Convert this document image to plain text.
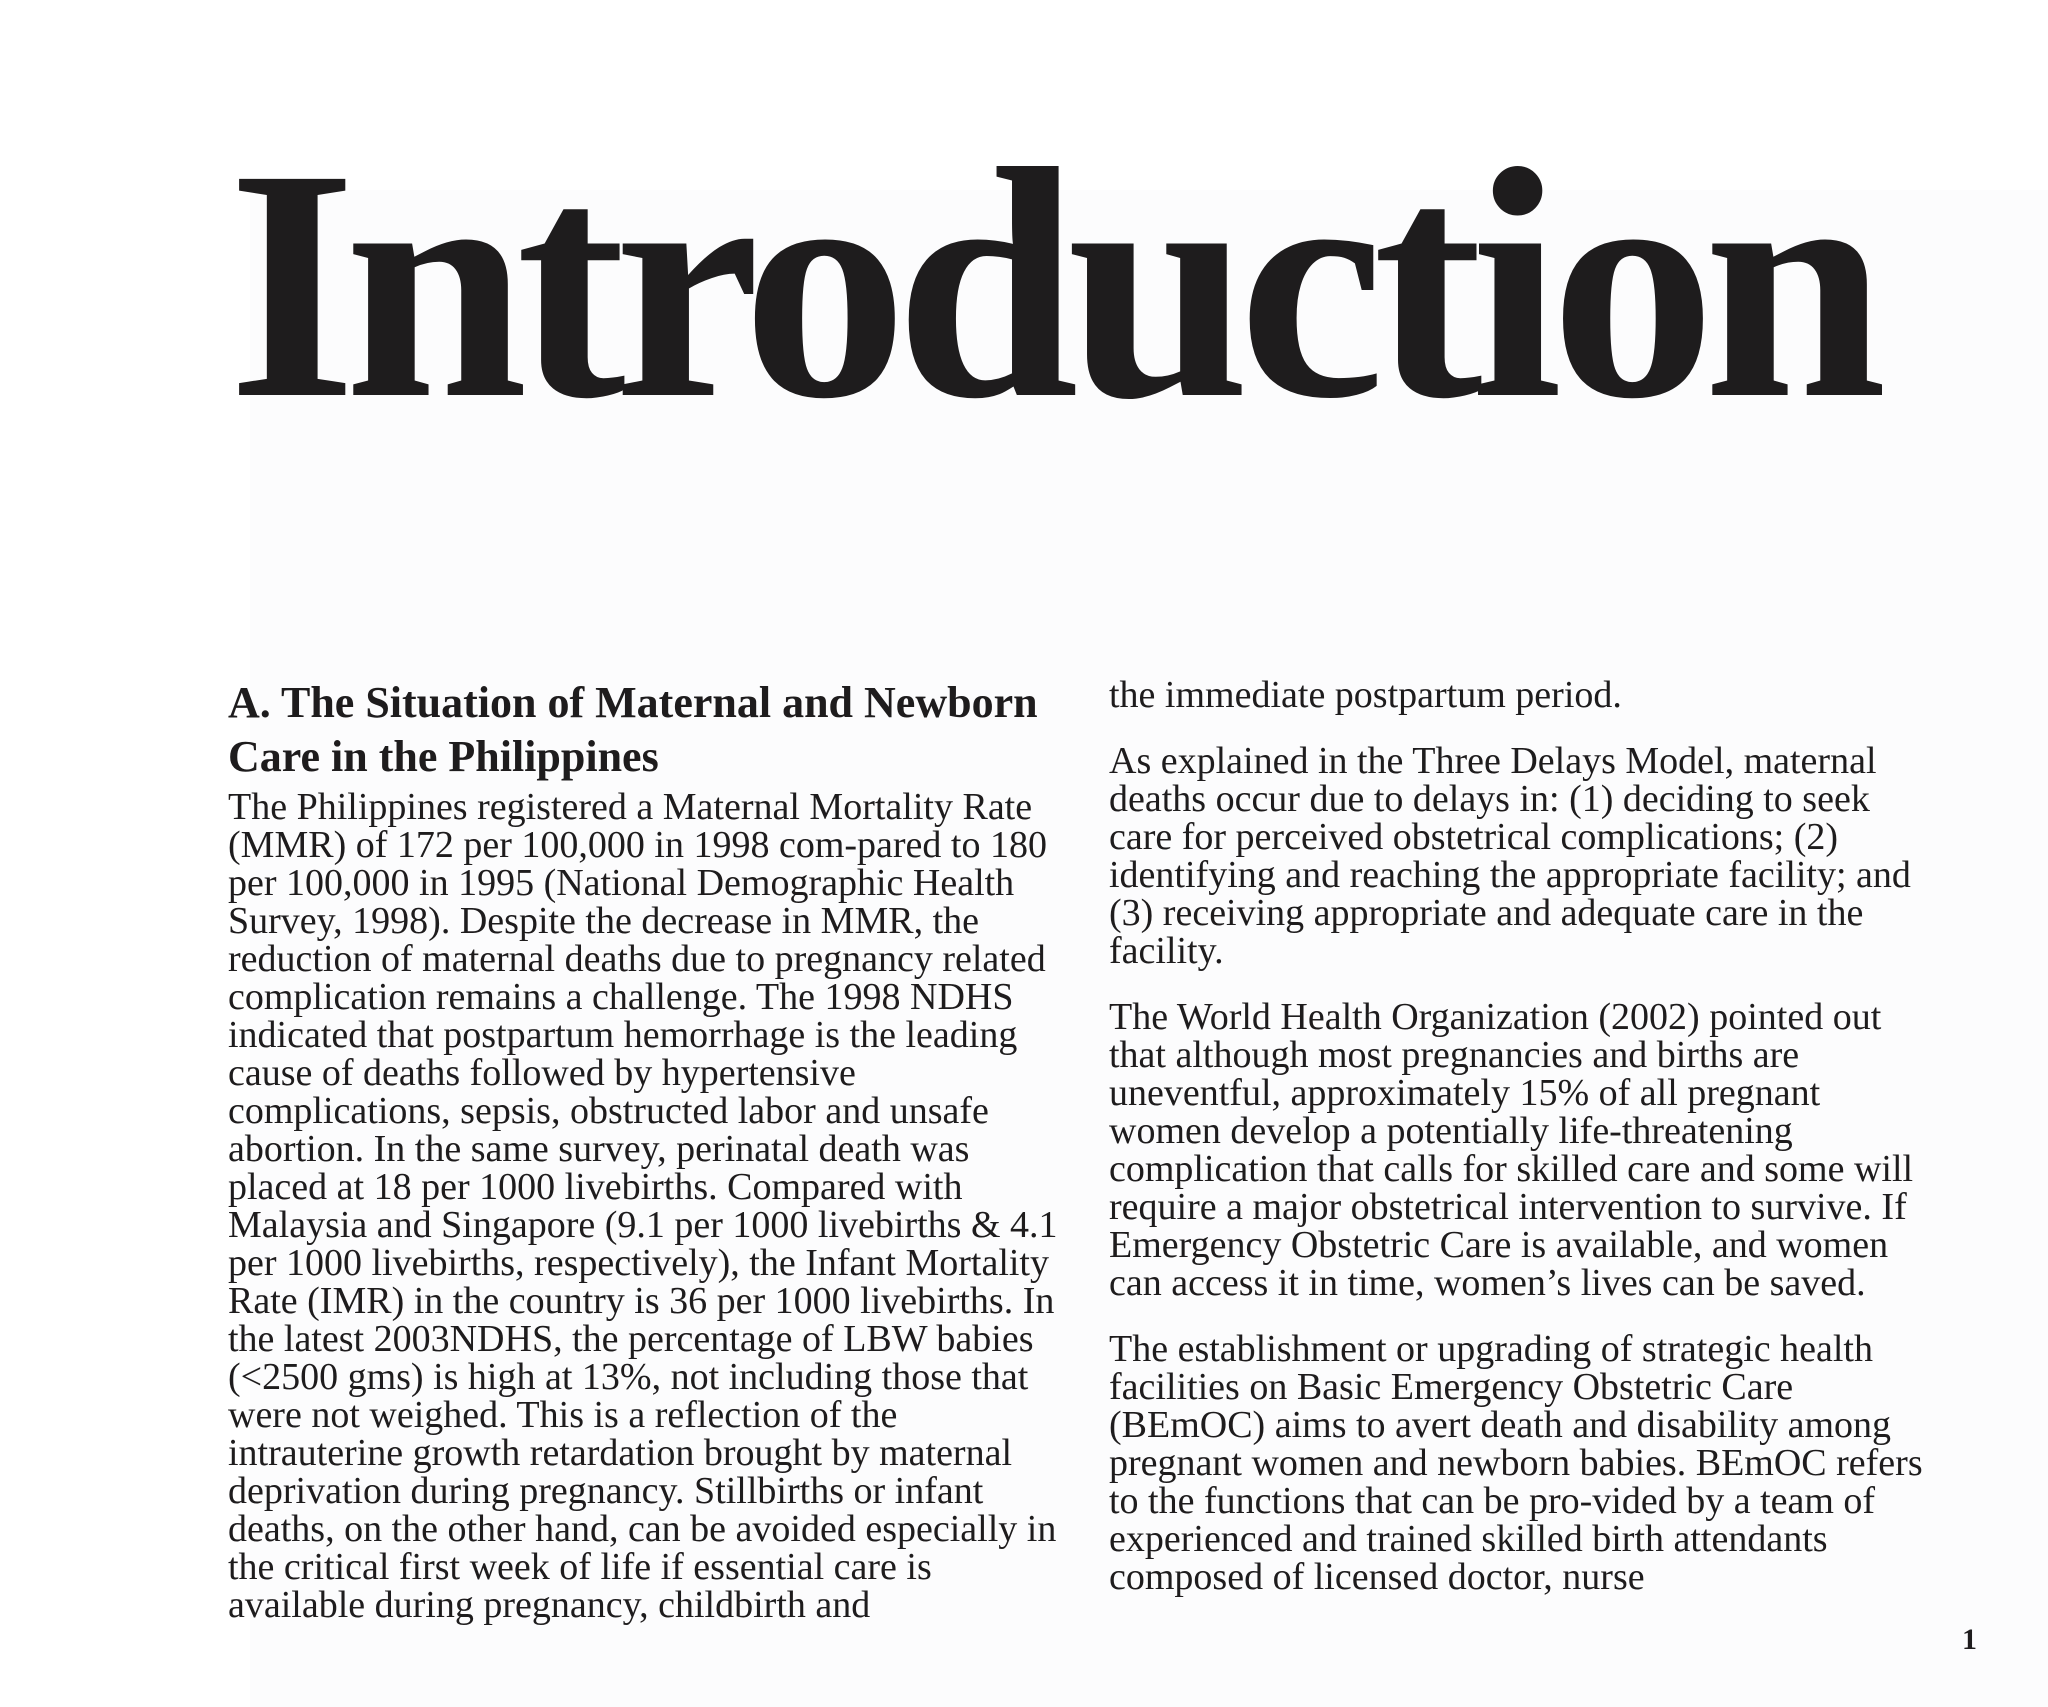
Introduction
A. The Situation of Maternal and Newborn Care in the Philippines

The Philippines registered a Maternal Mortality Rate (MMR) of 172 per 100,000 in 1998 com-pared to 180 per 100,000 in 1995 (National Demographic Health Survey, 1998). Despite the decrease in MMR, the reduction of maternal deaths due to pregnancy related complication remains a challenge. The 1998 NDHS indicated that postpartum hemorrhage is the leading cause of deaths followed by hypertensive complications, sepsis, obstructed labor and unsafe abortion. In the same survey, perinatal death was placed at 18 per 1000 livebirths. Compared with Malaysia and Singapore (9.1 per 1000 livebirths & 4.1 per 1000 livebirths, respectively), the Infant Mortality Rate (IMR) in the country is 36 per 1000 livebirths. In the latest 2003NDHS, the percentage of LBW babies (<2500 gms) is high at 13%, not including those that were not weighed. This is a reflection of the intrauterine growth retardation brought by maternal deprivation during pregnancy. Stillbirths or infant deaths, on the other hand, can be avoided especially in the critical first week of life if essential care is available during pregnancy, childbirth and

the immediate postpartum period.

As explained in the Three Delays Model, maternal deaths occur due to delays in: (1) deciding to seek care for perceived obstetrical complications; (2) identifying and reaching the appropriate facility; and (3) receiving appropriate and adequate care in the facility.

The World Health Organization (2002) pointed out that although most pregnancies and births are uneventful, approximately 15% of all pregnant women develop a potentially life-threatening complication that calls for skilled care and some will require a major obstetrical intervention to survive. If Emergency Obstetric Care is available, and women can access it in time, women’s lives can be saved.

The establishment or upgrading of strategic health facilities on Basic Emergency Obstetric Care (BEmOC) aims to avert death and disability among pregnant women and newborn babies. BEmOC refers to the functions that can be pro-vided by a team of experienced and trained skilled birth attendants composed of licensed doctor, nurse

1
